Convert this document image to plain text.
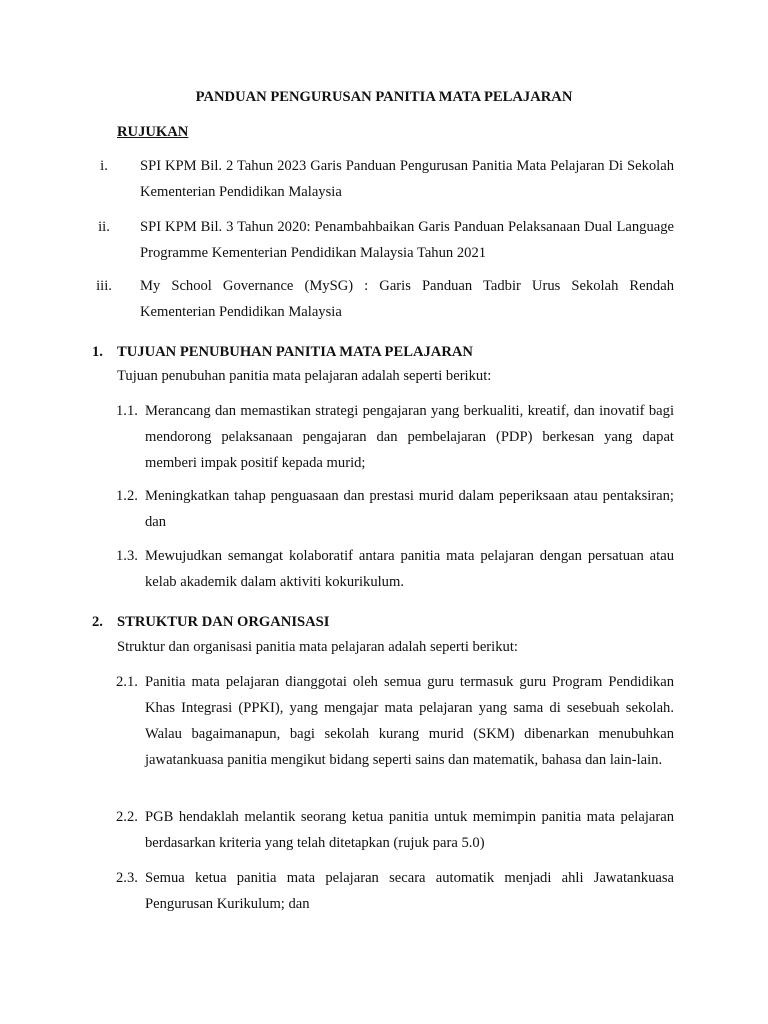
PANDUAN PENGURUSAN PANITIA MATA PELAJARAN
RUJUKAN
i.	SPI KPM Bil. 2 Tahun 2023 Garis Panduan Pengurusan Panitia Mata Pelajaran Di Sekolah Kementerian Pendidikan Malaysia
ii.	SPI KPM Bil. 3 Tahun 2020: Penambahbaikan Garis Panduan Pelaksanaan Dual Language Programme Kementerian Pendidikan Malaysia Tahun 2021
iii.	My School Governance (MySG) : Garis Panduan Tadbir Urus Sekolah Rendah Kementerian Pendidikan Malaysia
1. TUJUAN PENUBUHAN PANITIA MATA PELAJARAN
Tujuan penubuhan panitia mata pelajaran adalah seperti berikut:
1.1. Merancang dan memastikan strategi pengajaran yang berkualiti, kreatif, dan inovatif bagi mendorong pelaksanaan pengajaran dan pembelajaran (PDP) berkesan yang dapat memberi impak positif kepada murid;
1.2. Meningkatkan tahap penguasaan dan prestasi murid dalam peperiksaan atau pentaksiran; dan
1.3. Mewujudkan semangat kolaboratif antara panitia mata pelajaran dengan persatuan atau kelab akademik dalam aktiviti kokurikulum.
2. STRUKTUR DAN ORGANISASI
Struktur dan organisasi panitia mata pelajaran adalah seperti berikut:
2.1. Panitia mata pelajaran dianggotai oleh semua guru termasuk guru Program Pendidikan Khas Integrasi (PPKI), yang mengajar mata pelajaran yang sama di sesebuah sekolah. Walau bagaimanapun, bagi sekolah kurang murid (SKM) dibenarkan menubuhkan jawatankuasa panitia mengikut bidang seperti sains dan matematik, bahasa dan lain-lain.
2.2. PGB hendaklah melantik seorang ketua panitia untuk memimpin panitia mata pelajaran berdasarkan kriteria yang telah ditetapkan (rujuk para 5.0)
2.3. Semua ketua panitia mata pelajaran secara automatik menjadi ahli Jawatankuasa Pengurusan Kurikulum; dan
